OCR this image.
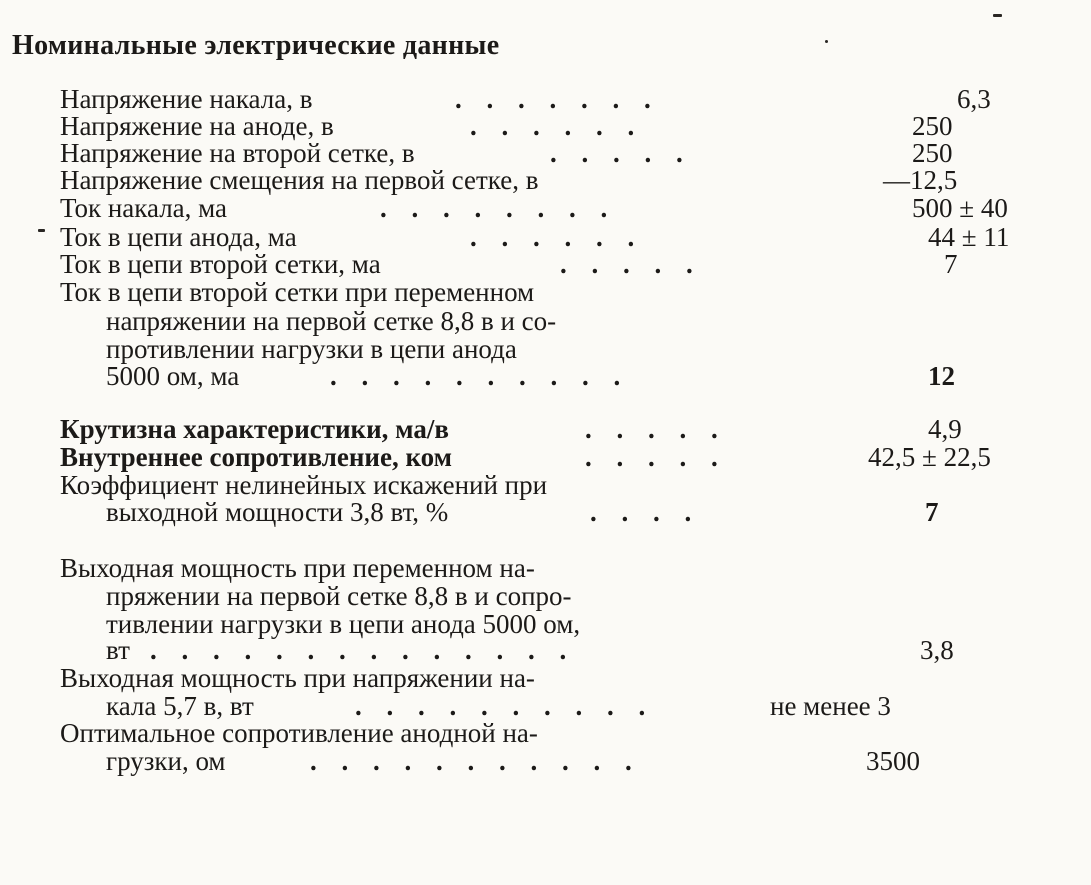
Номинальные электрические данные
Напряжение накала, в	. . . . . . .	6,3
Напряжение на аноде, в	. . . . . .	250
Напряжение на второй сетке, в	. . . . .	250
Напряжение смещения на первой сетке, в	—12,5
Ток накала, ма	. . . . . . . .	500 ± 40
Ток в цепи анода, ма	. . . . . .	44 ± 11
Ток в цепи второй сетки, ма	. . . . .	7
Ток в цепи второй сетки при переменном
напряжении на первой сетке 8,8 в и со-
противлении нагрузки в цепи анода
5000 ом, ма	. . . . . . . . . .	12
Крутизна характеристики, ма/в	. . . . .	4,9
Внутреннее сопротивление, ком	. . . . .	42,5 ± 22,5
Коэффициент нелинейных искажений при
выходной мощности 3,8 вт, %	. . . .	7
Выходная мощность при переменном на-
пряжении на первой сетке 8,8 в и сопро-
тивлении нагрузки в цепи анода 5000 ом,
вт . . . . . . . . . . . . . .	3,8
Выходная мощность при напряжении на-
кала 5,7 в, вт	. . . . . . . . . .	не менее 3
Оптимальное сопротивление анодной на-
грузки, ом	. . . . . . . . . . .	3500
